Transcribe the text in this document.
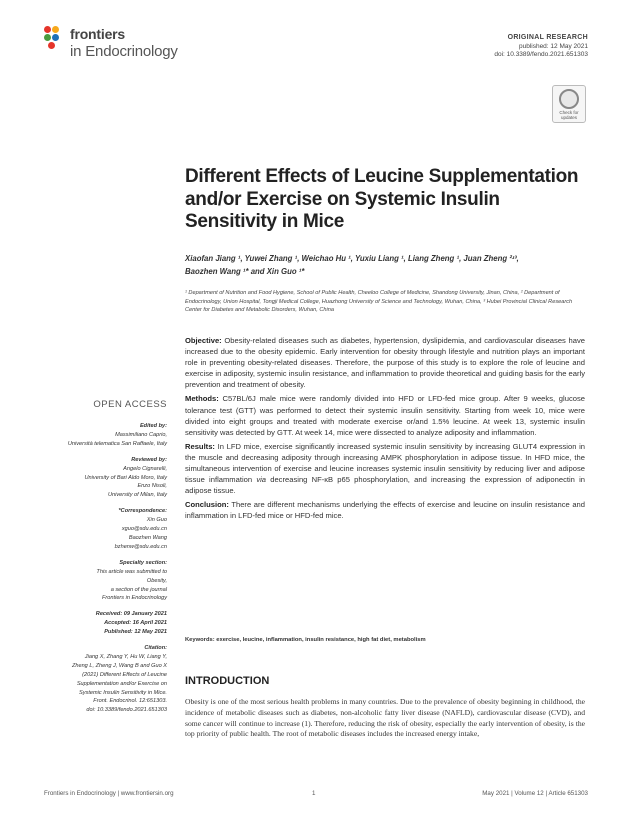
frontiers
in Endocrinology
ORIGINAL RESEARCH
published: 12 May 2021
doi: 10.3389/fendo.2021.651303
Check for updates
Different Effects of Leucine Supplementation and/or Exercise on Systemic Insulin Sensitivity in Mice
Xiaofan Jiang ¹, Yuwei Zhang ¹, Weichao Hu ¹, Yuxiu Liang ¹, Liang Zheng ¹, Juan Zheng ²ʴ³,
Baozhen Wang ¹* and Xin Guo ¹*
¹ Department of Nutrition and Food Hygiene, School of Public Health, Cheeloo College of Medicine, Shandong University, Jinan, China, ² Department of Endocrinology, Union Hospital, Tongji Medical College, Huazhong University of Science and Technology, Wuhan, China, ³ Hubei Provincial Clinical Research Center for Diabetes and Metabolic Disorders, Wuhan, China

Objective: Obesity-related diseases such as diabetes, hypertension, dyslipidemia, and cardiovascular diseases have increased due to the obesity epidemic. Early intervention for obesity through lifestyle and nutrition plays an important role in preventing obesity-related diseases. Therefore, the purpose of this study is to explore the role of leucine and exercise in adiposity, systemic insulin resistance, and inflammation to provide theoretical and guiding basis for the early prevention and treatment of obesity.

Methods: C57BL/6J male mice were randomly divided into HFD or LFD-fed mice group. After 9 weeks, glucose tolerance test (GTT) was performed to detect their systemic insulin sensitivity. Starting from week 10, mice were divided into eight groups and treated with moderate exercise or/and 1.5% leucine. At week 13, systemic insulin sensitivity was detected by GTT. At week 14, mice were dissected to analyze adiposity and inflammation.

Results: In LFD mice, exercise significantly increased systemic insulin sensitivity by increasing GLUT4 expression in the muscle and decreasing adiposity through increasing AMPK phosphorylation in adipose tissue. In HFD mice, the simultaneous intervention of exercise and leucine increases systemic insulin sensitivity by reducing liver and adipose tissue inflammation via decreasing NF-κB p65 phosphorylation, and increasing the expression of adiponectin in adipose tissue.

Conclusion: There are different mechanisms underlying the effects of exercise and leucine on insulin resistance and inflammation in LFD-fed mice or HFD-fed mice.

Keywords: exercise, leucine, inflammation, insulin resistance, high fat diet, metabolism
INTRODUCTION
Obesity is one of the most serious health problems in many countries. Due to the prevalence of obesity beginning in childhood, the incidence of metabolic diseases such as diabetes, non-alcoholic fatty liver disease (NAFLD), cardiovascular disease (CVD), and some cancer will continue to increase (1). Therefore, reducing the risk of obesity, especially the early intervention of obesity, is the top priority of public health. The root of metabolic diseases includes the increased energy intake,
OPEN ACCESS
Edited by:
Massimiliano Caprio,
Università telematica San Raffaele, Italy
Reviewed by:
Angelo Cignarelli,
University of Bari Aldo Moro, Italy
Enzo Nisoli,
University of Milan, Italy
*Correspondence:
Xin Guo
xguo@sdu.edu.cn
Baozhen Wang
bzhenw@sdu.edu.cn
Specialty section:
This article was submitted to
Obesity,
a section of the journal
Frontiers in Endocrinology
Received: 09 January 2021
Accepted: 16 April 2021
Published: 12 May 2021
Citation:
Jiang X, Zhang Y, Hu W, Liang Y,
Zheng L, Zheng J, Wang B and Guo X
(2021) Different Effects of Leucine
Supplementation and/or Exercise on
Systemic Insulin Sensitivity in Mice.
Front. Endocrinol. 12:651303.
doi: 10.3389/fendo.2021.651303
Frontiers in Endocrinology | www.frontiersin.org	1	May 2021 | Volume 12 | Article 651303
